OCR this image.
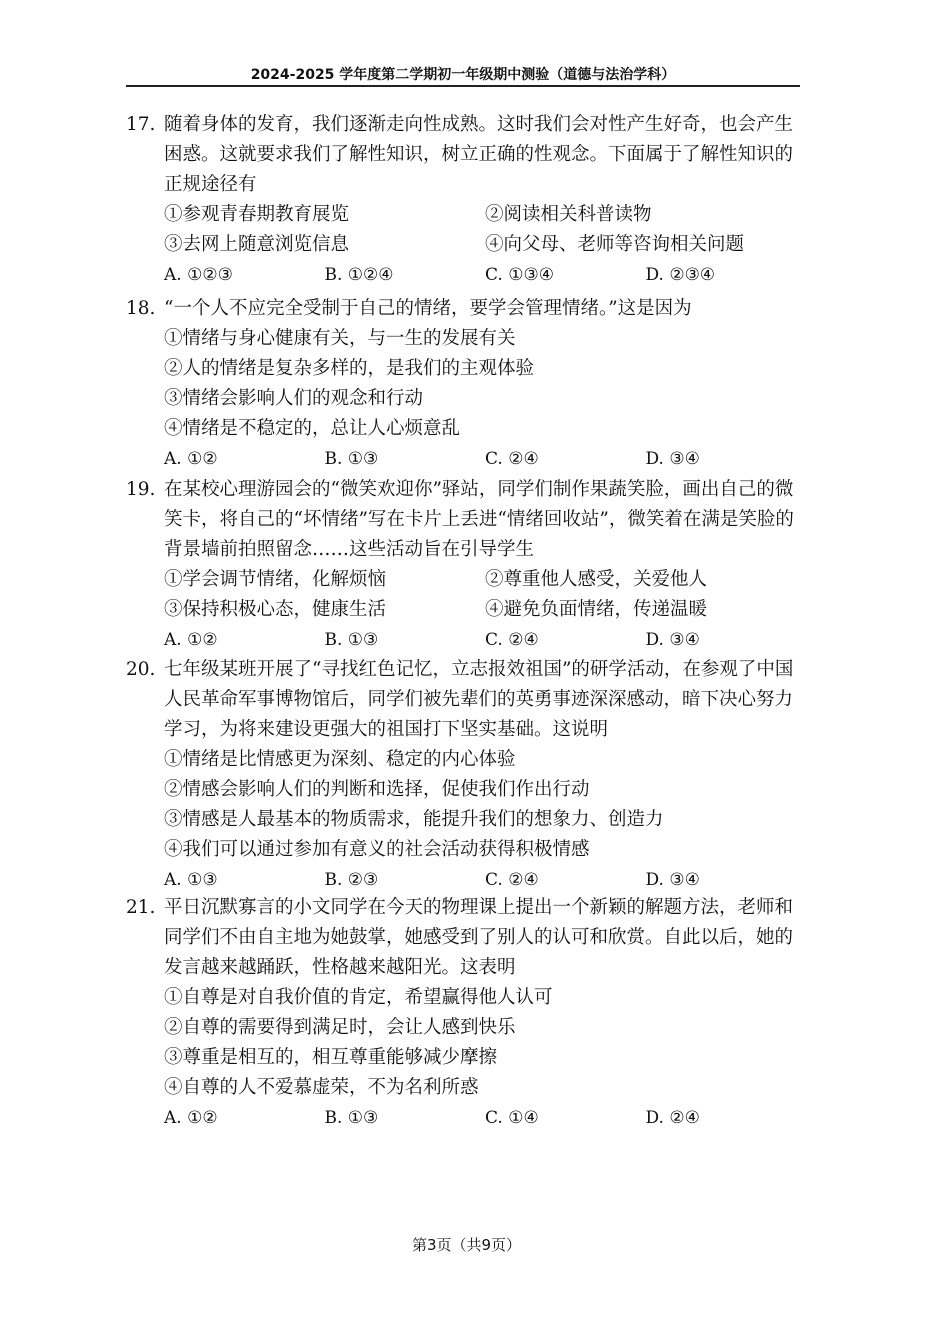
2024-2025 学年度第二学期初一年级期中测验（道德与法治学科）
17. 随着身体的发育，我们逐渐走向性成熟。这时我们会对性产生好奇，也会产生困惑。这就要求我们了解性知识，树立正确的性观念。下面属于了解性知识的正规途径有
①参观青春期教育展览	②阅读相关科普读物
③去网上随意浏览信息	④向父母、老师等咨询相关问题
A. ①②③	B. ①②④	C. ①③④	D. ②③④
18. “一个人不应完全受制于自己的情绪，要学会管理情绪。”这是因为
①情绪与身心健康有关，与一生的发展有关
②人的情绪是复杂多样的，是我们的主观体验
③情绪会影响人们的观念和行动
④情绪是不稳定的，总让人心烦意乱
A. ①②	B. ①③	C. ②④	D. ③④
19. 在某校心理游园会的“微笑欢迎你”驿站，同学们制作果蔬笑脸，画出自己的微笑卡，将自己的“坏情绪”写在卡片上丢进“情绪回收站”，微笑着在满是笑脸的背景墙前拍照留念……这些活动旨在引导学生
①学会调节情绪，化解烦恼	②尊重他人感受，关爱他人
③保持积极心态，健康生活	④避免负面情绪，传递温暖
A. ①②	B. ①③	C. ②④	D. ③④
20. 七年级某班开展了“寻找红色记忆，立志报效祖国”的研学活动，在参观了中国人民革命军事博物馆后，同学们被先辈们的英勇事迹深深感动，暗下决心努力学习，为将来建设更强大的祖国打下坚实基础。这说明
①情绪是比情感更为深刻、稳定的内心体验
②情感会影响人们的判断和选择，促使我们作出行动
③情感是人最基本的物质需求，能提升我们的想象力、创造力
④我们可以通过参加有意义的社会活动获得积极情感
A. ①③	B. ②③	C. ②④	D. ③④
21. 平日沉默寡言的小文同学在今天的物理课上提出一个新颖的解题方法，老师和同学们不由自主地为她鼓掌，她感受到了别人的认可和欣赏。自此以后，她的发言越来越踊跃，性格越来越阳光。这表明
①自尊是对自我价值的肯定，希望赢得他人认可
②自尊的需要得到满足时，会让人感到快乐
③尊重是相互的，相互尊重能够减少摩擦
④自尊的人不爱慕虚荣，不为名利所惑
A. ①②	B. ①③	C. ①④	D. ②④
第3页（共9页）
